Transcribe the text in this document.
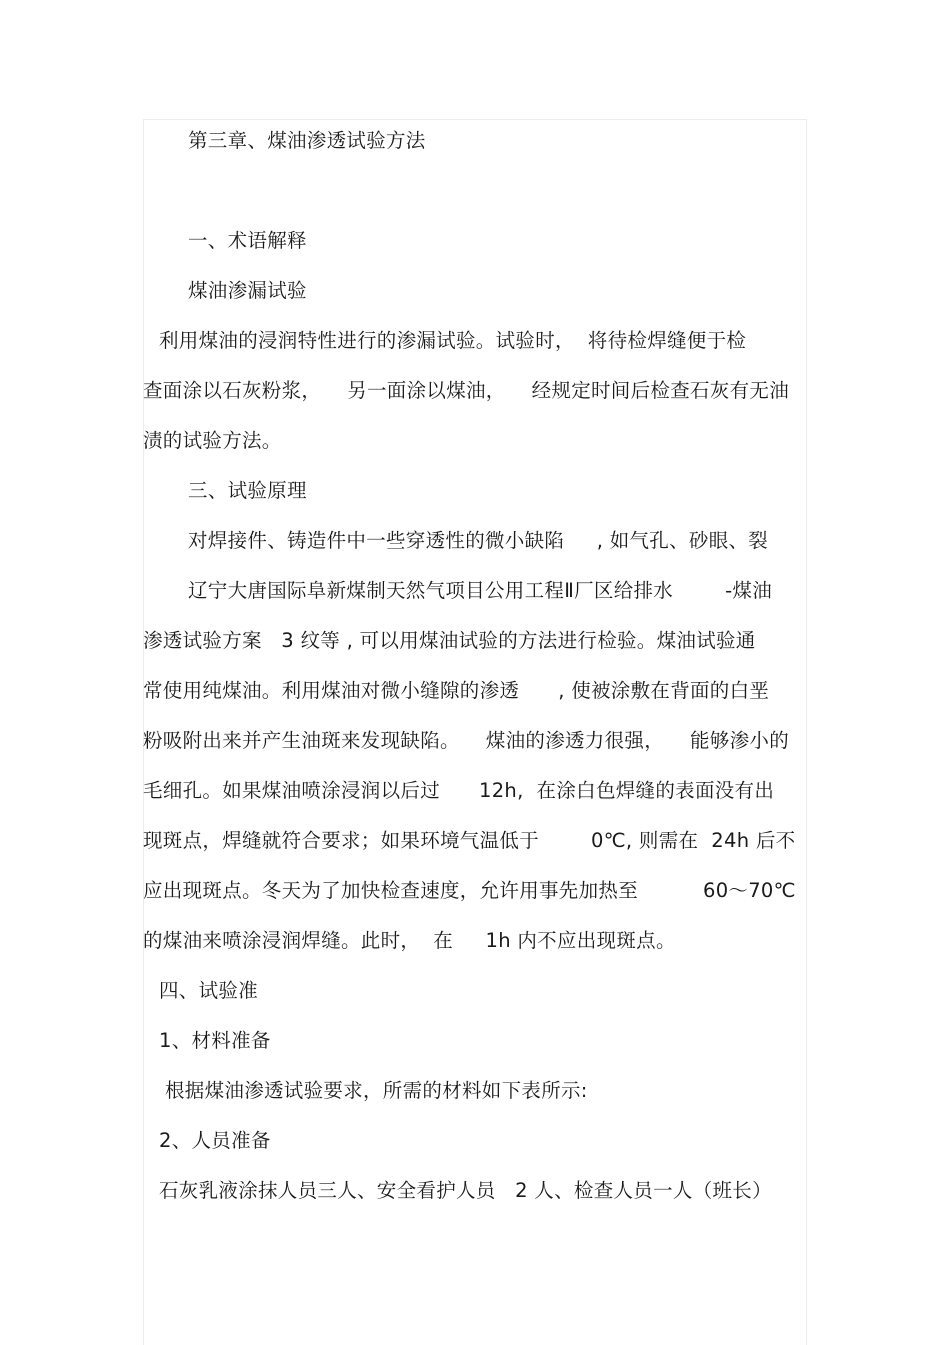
第三章、煤油渗透试验方法
一、术语解释
煤油渗漏试验
利用煤油的浸润特性进行的渗漏试验。试验时，  将待检焊缝便于检
查面涂以石灰粉浆，    另一面涂以煤油，    经规定时间后检查石灰有无油
渍的试验方法。
三、试验原理
对焊接件、铸造件中一些穿透性的微小缺陷     , 如气孔、砂眼、裂
辽宁大唐国际阜新煤制天然气项目公用工程Ⅱ厂区给排水        -煤油
渗透试验方案   3 纹等 , 可以用煤油试验的方法进行检验。煤油试验通
常使用纯煤油。利用煤油对微小缝隙的渗透      , 使被涂敷在背面的白垩
粉吸附出来并产生油斑来发现缺陷。    煤油的渗透力很强，    能够渗小的
毛细孔。如果煤油喷涂浸润以后过      12h,  在涂白色焊缝的表面没有出
现斑点，焊缝就符合要求；如果环境气温低于        0℃, 则需在  24h 后不
应出现斑点。冬天为了加快检查速度，允许用事先加热至          60～70℃
的煤油来喷涂浸润焊缝。此时，  在     1h 内不应出现斑点。
四、试验准
1、材料准备
根据煤油渗透试验要求，所需的材料如下表所示:
2、人员准备
石灰乳液涂抹人员三人、安全看护人员   2 人、检查人员一人（班长）
